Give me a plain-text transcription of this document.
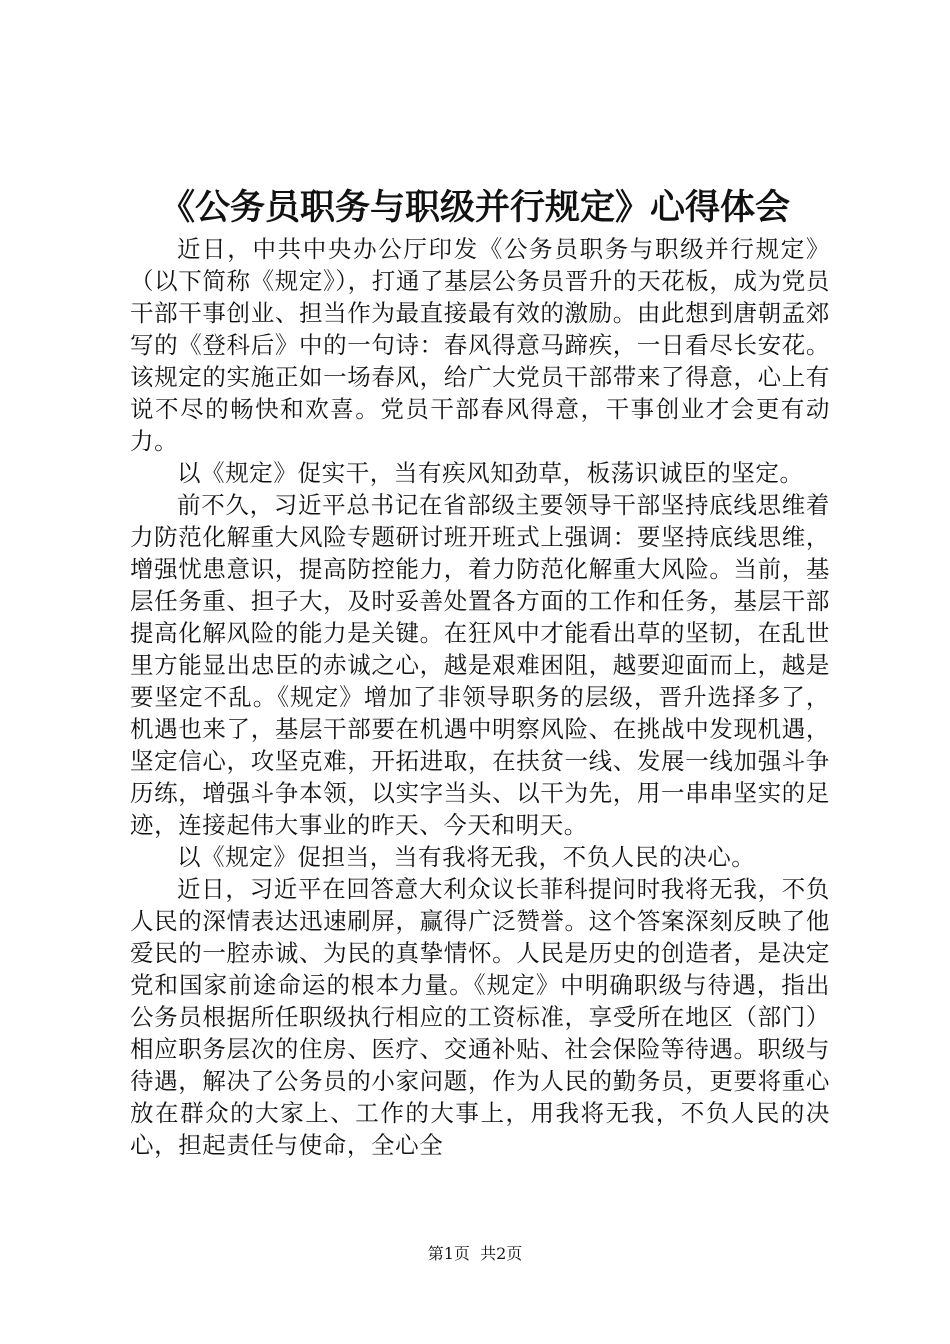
《公务员职务与职级并行规定》心得体会

近日，中共中央办公厅印发《公务员职务与职级并行规定》（以下简称《规定》），打通了基层公务员晋升的天花板，成为党员干部干事创业、担当作为最直接最有效的激励。由此想到唐朝孟郊写的《登科后》中的一句诗：春风得意马蹄疾，一日看尽长安花。该规定的实施正如一场春风，给广大党员干部带来了得意，心上有说不尽的畅快和欢喜。党员干部春风得意，干事创业才会更有动力。

以《规定》促实干，当有疾风知劲草，板荡识诚臣的坚定。

前不久，习近平总书记在省部级主要领导干部坚持底线思维着力防范化解重大风险专题研讨班开班式上强调：要坚持底线思维，增强忧患意识，提高防控能力，着力防范化解重大风险。当前，基层任务重、担子大，及时妥善处置各方面的工作和任务，基层干部提高化解风险的能力是关键。在狂风中才能看出草的坚韧，在乱世里方能显出忠臣的赤诚之心，越是艰难困阻，越要迎面而上，越是要坚定不乱。《规定》增加了非领导职务的层级，晋升选择多了，机遇也来了，基层干部要在机遇中明察风险、在挑战中发现机遇，坚定信心，攻坚克难，开拓进取，在扶贫一线、发展一线加强斗争历练，增强斗争本领，以实字当头、以干为先，用一串串坚实的足迹，连接起伟大事业的昨天、今天和明天。

以《规定》促担当，当有我将无我，不负人民的决心。

近日，习近平在回答意大利众议长菲科提问时我将无我，不负人民的深情表达迅速刷屏，赢得广泛赞誉。这个答案深刻反映了他爱民的一腔赤诚、为民的真挚情怀。人民是历史的创造者，是决定党和国家前途命运的根本力量。《规定》中明确职级与待遇，指出公务员根据所任职级执行相应的工资标准，享受所在地区（部门）相应职务层次的住房、医疗、交通补贴、社会保险等待遇。职级与待遇，解决了公务员的小家问题，作为人民的勤务员，更要将重心放在群众的大家上、工作的大事上，用我将无我，不负人民的决心，担起责任与使命，全心全

第1页  共2页
